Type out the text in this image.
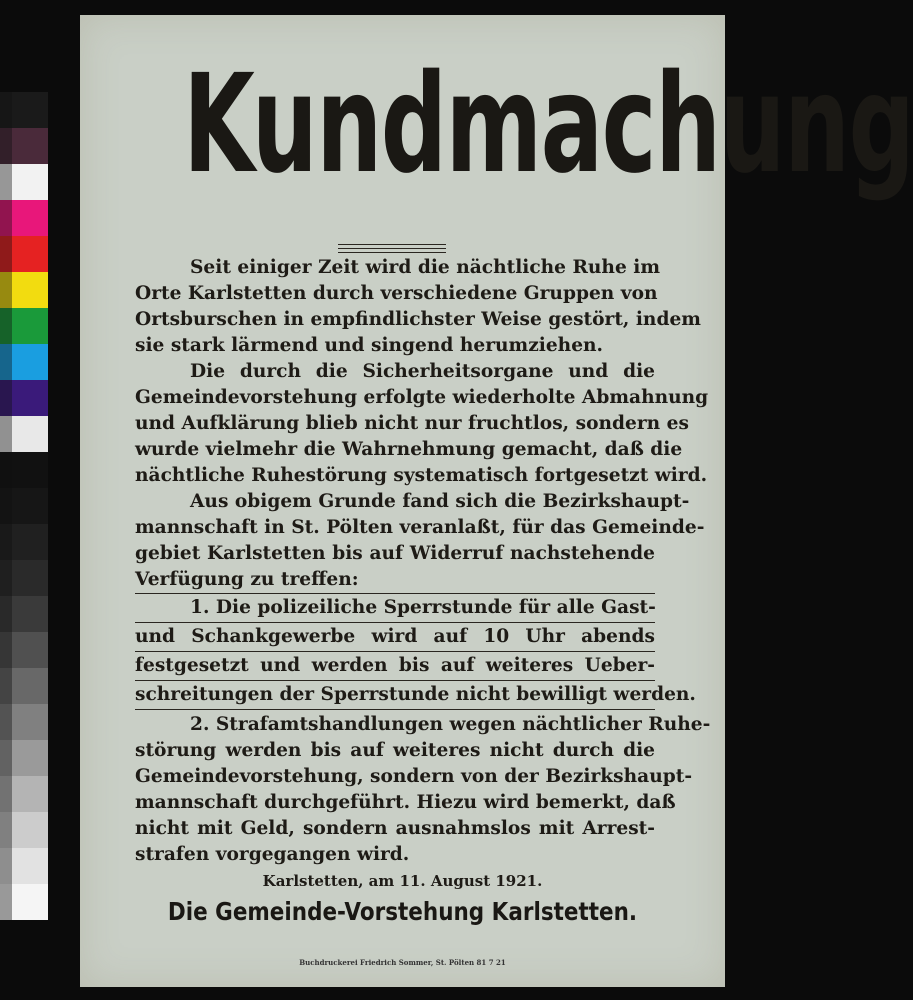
Kundmachung
Seit einiger Zeit wird die nächtliche Ruhe im
Orte Karlstetten durch verschiedene Gruppen von
Ortsburschen in empfindlichster Weise gestört, indem
sie stark lärmend und singend herumziehen.
Die durch die Sicherheitsorgane und die
Gemeindevorstehung erfolgte wiederholte Abmahnung
und Aufklärung blieb nicht nur fruchtlos, sondern es
wurde vielmehr die Wahrnehmung gemacht, daß die
nächtliche Ruhestörung systematisch fortgesetzt wird.
Aus obigem Grunde fand sich die Bezirkshaupt-
mannschaft in St. Pölten veranlaßt, für das Gemeinde-
gebiet Karlstetten bis auf Widerruf nachstehende
Verfügung zu treffen:
1. Die polizeiliche Sperrstunde für alle Gast-
und Schankgewerbe wird auf 10 Uhr abends
festgesetzt und werden bis auf weiteres Ueber-
schreitungen der Sperrstunde nicht bewilligt werden.
2. Strafamtshandlungen wegen nächtlicher Ruhe-
störung werden bis auf weiteres nicht durch die
Gemeindevorstehung, sondern von der Bezirkshaupt-
mannschaft durchgeführt. Hiezu wird bemerkt, daß
nicht mit Geld, sondern ausnahmslos mit Arrest-
strafen vorgegangen wird.
Karlstetten, am 11. August 1921.
Die Gemeinde-Vorstehung Karlstetten.
Buchdruckerei Friedrich Sommer, St. Pölten 81 7 21
